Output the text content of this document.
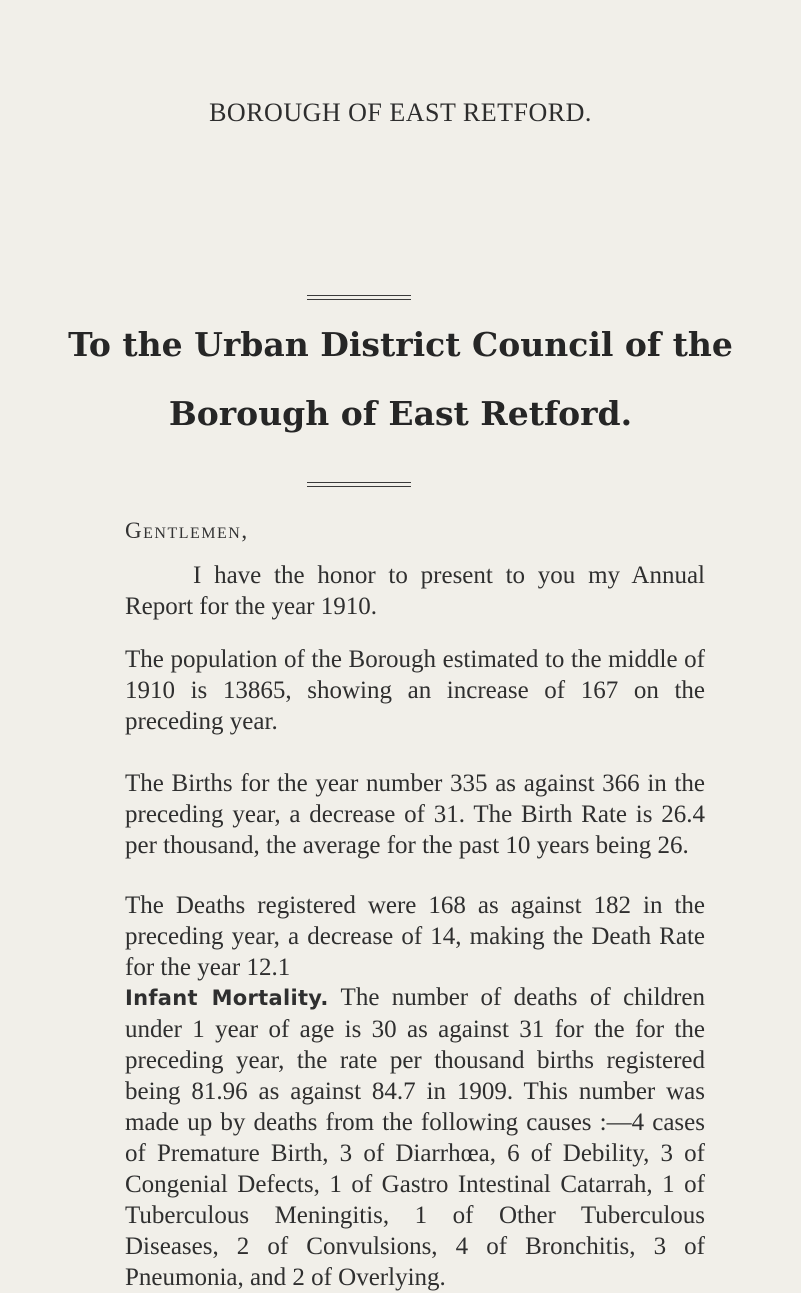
BOROUGH OF EAST RETFORD.
To the Urban District Council of the
Borough of East Retford.
Gentlemen,

I have the honor to present to you my Annual Report for the year 1910.

The population of the Borough estimated to the middle of 1910 is 13865, showing an increase of 167 on the preceding year.

The Births for the year number 335 as against 366 in the preceding year, a decrease of 31. The Birth Rate is 26.4 per thousand, the average for the past 10 years being 26.

The Deaths registered were 168 as against 182 in the preceding year, a decrease of 14, making the Death Rate for the year 12.1

Infant Mortality. The number of deaths of children under 1 year of age is 30 as against 31 for the for the preceding year, the rate per thousand births registered being 81.96 as against 84.7 in 1909. This number was made up by deaths from the following causes :—4 cases of Premature Birth, 3 of Diarrhœa, 6 of Debility, 3 of Congenial Defects, 1 of Gastro Intestinal Catarrah, 1 of Tuberculous Meningitis, 1 of Other Tuberculous Diseases, 2 of Convulsions, 4 of Bronchitis, 3 of Pneumonia, and 2 of Overlying.
